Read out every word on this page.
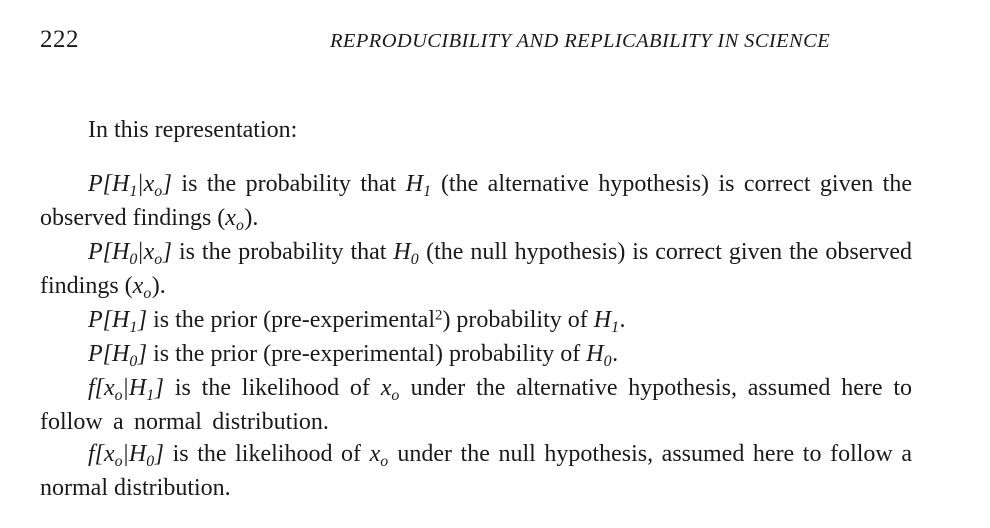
222	REPRODUCIBILITY AND REPLICABILITY IN SCIENCE

In this representation:

$P[H_1|x_o]$ is the probability that $H_1$ (the alternative hypothesis) is correct given the observed findings $(x_o)$.

$P[H_0|x_o]$ is the probability that $H_0$ (the null hypothesis) is correct given the observed findings $(x_o)$.

$P[H_1]$ is the prior (pre-experimental$^2$) probability of $H_1$.

$P[H_0]$ is the prior (pre-experimental) probability of $H_0$.

$f[x_o|H_1]$ is the likelihood of $x_o$ under the alternative hypothesis, assumed here to follow a normal distribution.

$f[x_o|H_0]$ is the likelihood of $x_o$ under the null hypothesis, assumed here to follow a normal distribution.
